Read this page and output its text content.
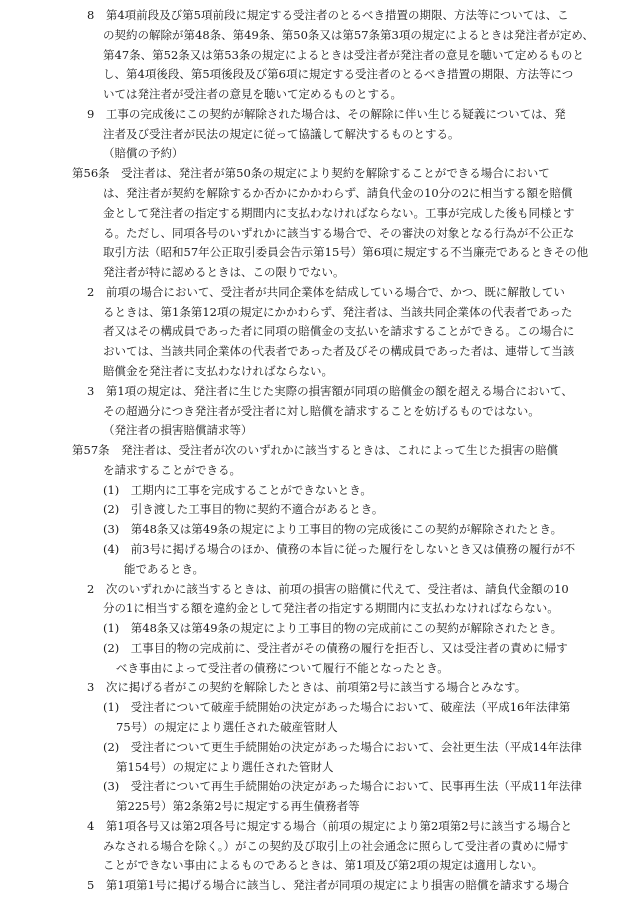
8　第4項前段及び第5項前段に規定する受注者のとるべき措置の期限、方法等については、こ
の契約の解除が第48条、第49条、第50条又は第57条第3項の規定によるときは発注者が定め、
第47条、第52条又は第53条の規定によるときは受注者が発注者の意見を聴いて定めるものと
し、第4項後段、第5項後段及び第6項に規定する受注者のとるべき措置の期限、方法等につ
いては発注者が受注者の意見を聴いて定めるものとする。
9　工事の完成後にこの契約が解除された場合は、その解除に伴い生じる疑義については、発
注者及び受注者が民法の規定に従って協議して解決するものとする。
（賠償の予約）
第56条　受注者は、発注者が第50条の規定により契約を解除することができる場合において
は、発注者が契約を解除するか否かにかかわらず、請負代金の10分の2に相当する額を賠償
金として発注者の指定する期間内に支払わなければならない。工事が完成した後も同様とす
る。ただし、同項各号のいずれかに該当する場合で、その審決の対象となる行為が不公正な
取引方法（昭和57年公正取引委員会告示第15号）第6項に規定する不当廉売であるときその他
発注者が特に認めるときは、この限りでない。
2　前項の場合において、受注者が共同企業体を結成している場合で、かつ、既に解散してい
るときは、第1条第12項の規定にかかわらず、発注者は、当該共同企業体の代表者であった
者又はその構成員であった者に同項の賠償金の支払いを請求することができる。この場合に
おいては、当該共同企業体の代表者であった者及びその構成員であった者は、連帯して当該
賠償金を発注者に支払わなければならない。
3　第1項の規定は、発注者に生じた実際の損害額が同項の賠償金の額を超える場合において、
その超過分につき発注者が受注者に対し賠償を請求することを妨げるものではない。
（発注者の損害賠償請求等）
第57条　発注者は、受注者が次のいずれかに該当するときは、これによって生じた損害の賠償
を請求することができる。
(1)　工期内に工事を完成することができないとき。
(2)　引き渡した工事目的物に契約不適合があるとき。
(3)　第48条又は第49条の規定により工事目的物の完成後にこの契約が解除されたとき。
(4)　前3号に掲げる場合のほか、債務の本旨に従った履行をしないとき又は債務の履行が不
能であるとき。
2　次のいずれかに該当するときは、前項の損害の賠償に代えて、受注者は、請負代金額の10
分の1に相当する額を違約金として発注者の指定する期間内に支払わなければならない。
(1)　第48条又は第49条の規定により工事目的物の完成前にこの契約が解除されたとき。
(2)　工事目的物の完成前に、受注者がその債務の履行を拒否し、又は受注者の責めに帰す
べき事由によって受注者の債務について履行不能となったとき。
3　次に掲げる者がこの契約を解除したときは、前項第2号に該当する場合とみなす。
(1)　受注者について破産手続開始の決定があった場合において、破産法（平成16年法律第
75号）の規定により選任された破産管財人
(2)　受注者について更生手続開始の決定があった場合において、会社更生法（平成14年法律
第154号）の規定により選任された管財人
(3)　受注者について再生手続開始の決定があった場合において、民事再生法（平成11年法律
第225号）第2条第2号に規定する再生債務者等
4　第1項各号又は第2項各号に規定する場合（前項の規定により第2項第2号に該当する場合と
みなされる場合を除く。）がこの契約及び取引上の社会通念に照らして受注者の責めに帰す
ことができない事由によるものであるときは、第1項及び第2項の規定は適用しない。
5　第1項第1号に掲げる場合に該当し、発注者が同項の規定により損害の賠償を請求する場合
